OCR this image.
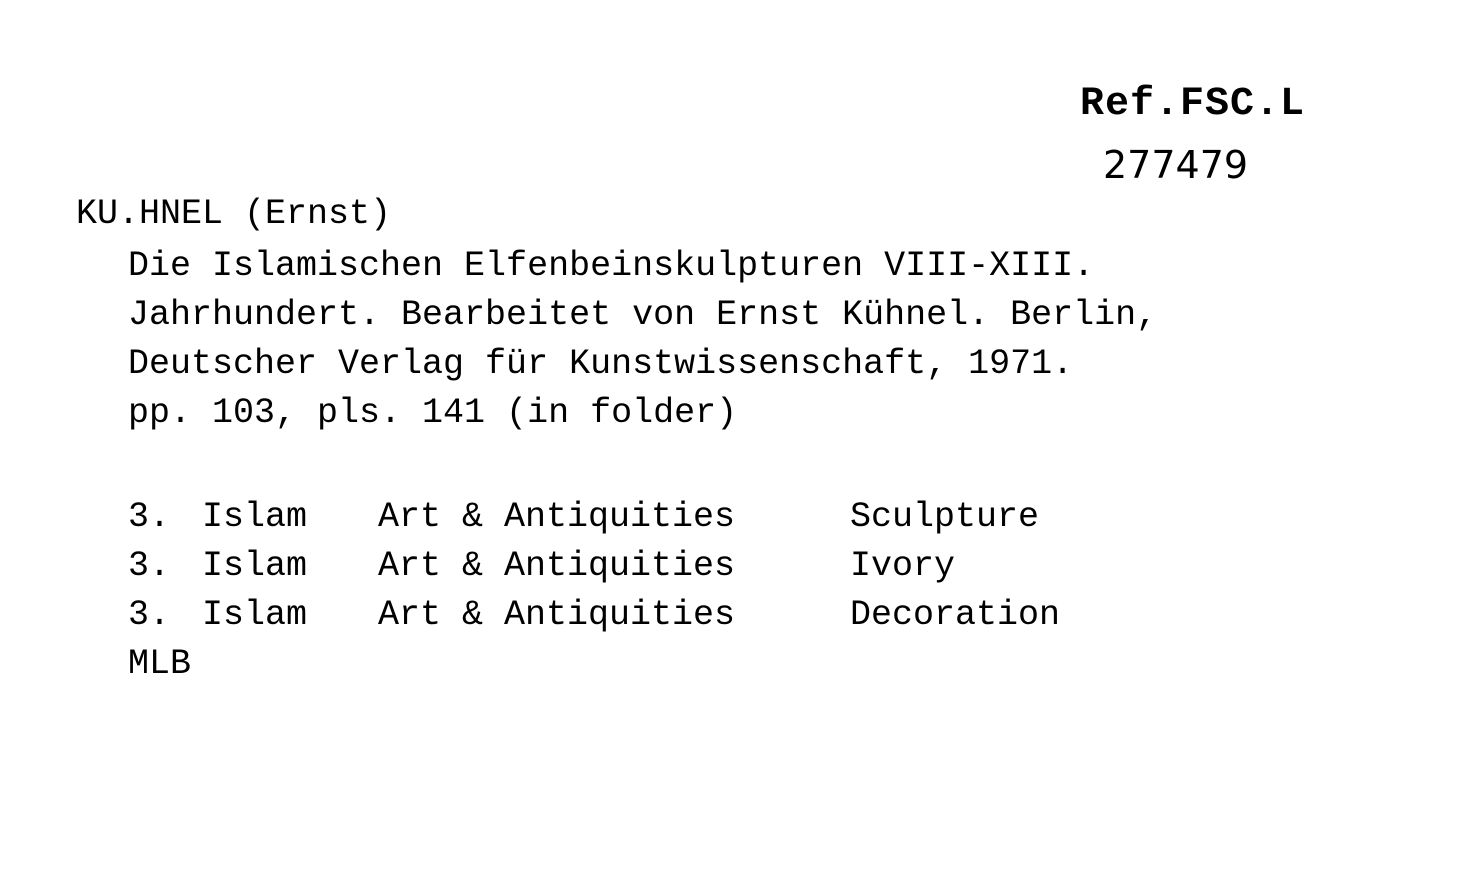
Ref.FSC.L
277479
KU.HNEL (Ernst)
Die Islamischen Elfenbeinskulpturen VIII-XIII.
Jahrhundert. Bearbeitet von Ernst Kühnel. Berlin,
Deutscher Verlag für Kunstwissenschaft, 1971.
pp. 103, pls. 141 (in folder)
3. Islam Art & Antiquities	Sculpture
3. Islam Art & Antiquities	Ivory
3. Islam Art & Antiquities	Decoration
MLB
